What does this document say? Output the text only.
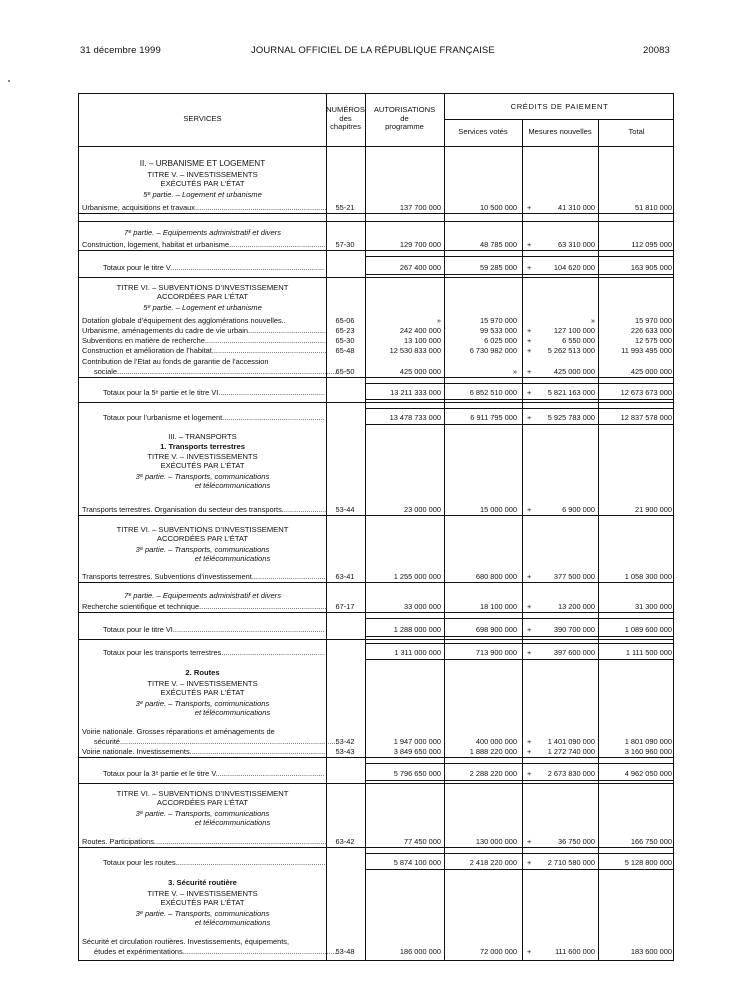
31 décembre 1999	JOURNAL OFFICIEL DE LA RÉPUBLIQUE FRANÇAISE	20083
SERVICES
NUMÉROS
des
chapitres
AUTORISATIONS
de
programme
CRÉDITS DE PAIEMENT
Services votés	Mesures nouvelles	Total
II. – URBANISME ET LOGEMENT
TITRE V. – INVESTISSEMENTS
EXÉCUTÉS PAR L’ÉTAT
5ᵉ partie. – Logement et urbanisme
Urbanisme, acquisitions et travaux .....	55-21	137 700 000	10 500 000 +	41 310 000	51 810 000
7ᵉ partie. – Equipements administratif et divers
Construction, logement, habitat et urbanisme .....	57-30	129 700 000	48 785 000 +	63 310 000	112 095 000
Totaux pour le titre V .....	267 400 000	59 285 000 +	104 620 000	163 905 000
TITRE VI. – SUBVENTIONS D’INVESTISSEMENT
ACCORDÉES PAR L’ÉTAT
5ᵉ partie. – Logement et urbanisme
Dotation globale d’équipement des agglomérations nouvelles..	65-06	»	15 970 000	»	15 970 000
Urbanisme, aménagements du cadre de vie urbain .....	65-23	242 400 000	99 533 000 +	127 100 000	226 633 000
Subventions en matière de recherche .....	65-30	13 100 000	6 025 000 +	6 550 000	12 575 000
Construction et amélioration de l’habitat .....	65-48	12 530 833 000	6 730 982 000 +	5 262 513 000	11 993 495 000
Contribution de l’Etat au fonds de garantie de l’accession
sociale .....	65-50	425 000 000	» +	425 000 000	425 000 000
Totaux pour la 5ᵉ partie et le titre VI .....	13 211 333 000	6 852 510 000 +	5 821 163 000	12 673 673 000
Totaux pour l’urbanisme et logement .....	13 478 733 000	6 911 795 000 +	5 925 783 000	12 837 578 000
III. – TRANSPORTS
1. Transports terrestres
TITRE V. – INVESTISSEMENTS
EXÉCUTÉS PAR L’ÉTAT
3ᵉ partie. – Transports, communications
et télécommunications
Transports terrestres. Organisation du secteur des transports... .....	53-44	23 000 000	15 000 000 +	6 900 000	21 900 000
TITRE VI. – SUBVENTIONS D’INVESTISSEMENT
ACCORDÉES PAR L’ÉTAT
3ᵉ partie. – Transports, communications
et télécommunications
Transports terrestres. Subventions d’investissement .....	63-41	1 255 000 000	680 800 000 +	377 500 000	1 058 300 000
7ᵉ partie. – Equipements administratif et divers
Recherche scientifique et technique .....	67-17	33 000 000	18 100 000 +	13 200 000	31 300 000
Totaux pour le titre VI .....	1 288 000 000	698 900 000 +	390 700 000	1 089 600 000
Totaux pour les transports terrestres .....	1 311 000 000	713 900 000 +	397 600 000	1 111 500 000
2. Routes
TITRE V. – INVESTISSEMENTS
EXÉCUTÉS PAR L’ÉTAT
3ᵉ partie. – Transports, communications
et télécommunications
Voirie nationale. Grosses réparations et aménagements de
sécurité .....	53-42	1 947 000 000	400 000 000 +	1 401 090 000	1 801 090 000
Voirie nationale. Investissements .....	53-43	3 849 650 000	1 888 220 000 +	1 272 740 000	3 160 960 000
Totaux pour la 3ᵉ partie et le titre V .....	5 796 650 000	2 288 220 000 +	2 673 830 000	4 962 050 000
TITRE VI. – SUBVENTIONS D’INVESTISSEMENT
ACCORDÉES PAR L’ÉTAT
3ᵉ partie. – Transports, communications
et télécommunications
Routes. Participations .....	63-42	77 450 000	130 000 000 +	36 750 000	166 750 000
Totaux pour les routes .....	5 874 100 000	2 418 220 000 +	2 710 580 000	5 128 800 000
3. Sécurité routière
TITRE V. – INVESTISSEMENTS
EXÉCUTÉS PAR L’ÉTAT
3ᵉ partie. – Transports, communications
et télécommunications
Sécurité et circulation routières. Investissements, équipements,
études et expérimentations .....	53-48	186 000 000	72 000 000 +	111 600 000	183 600 000
